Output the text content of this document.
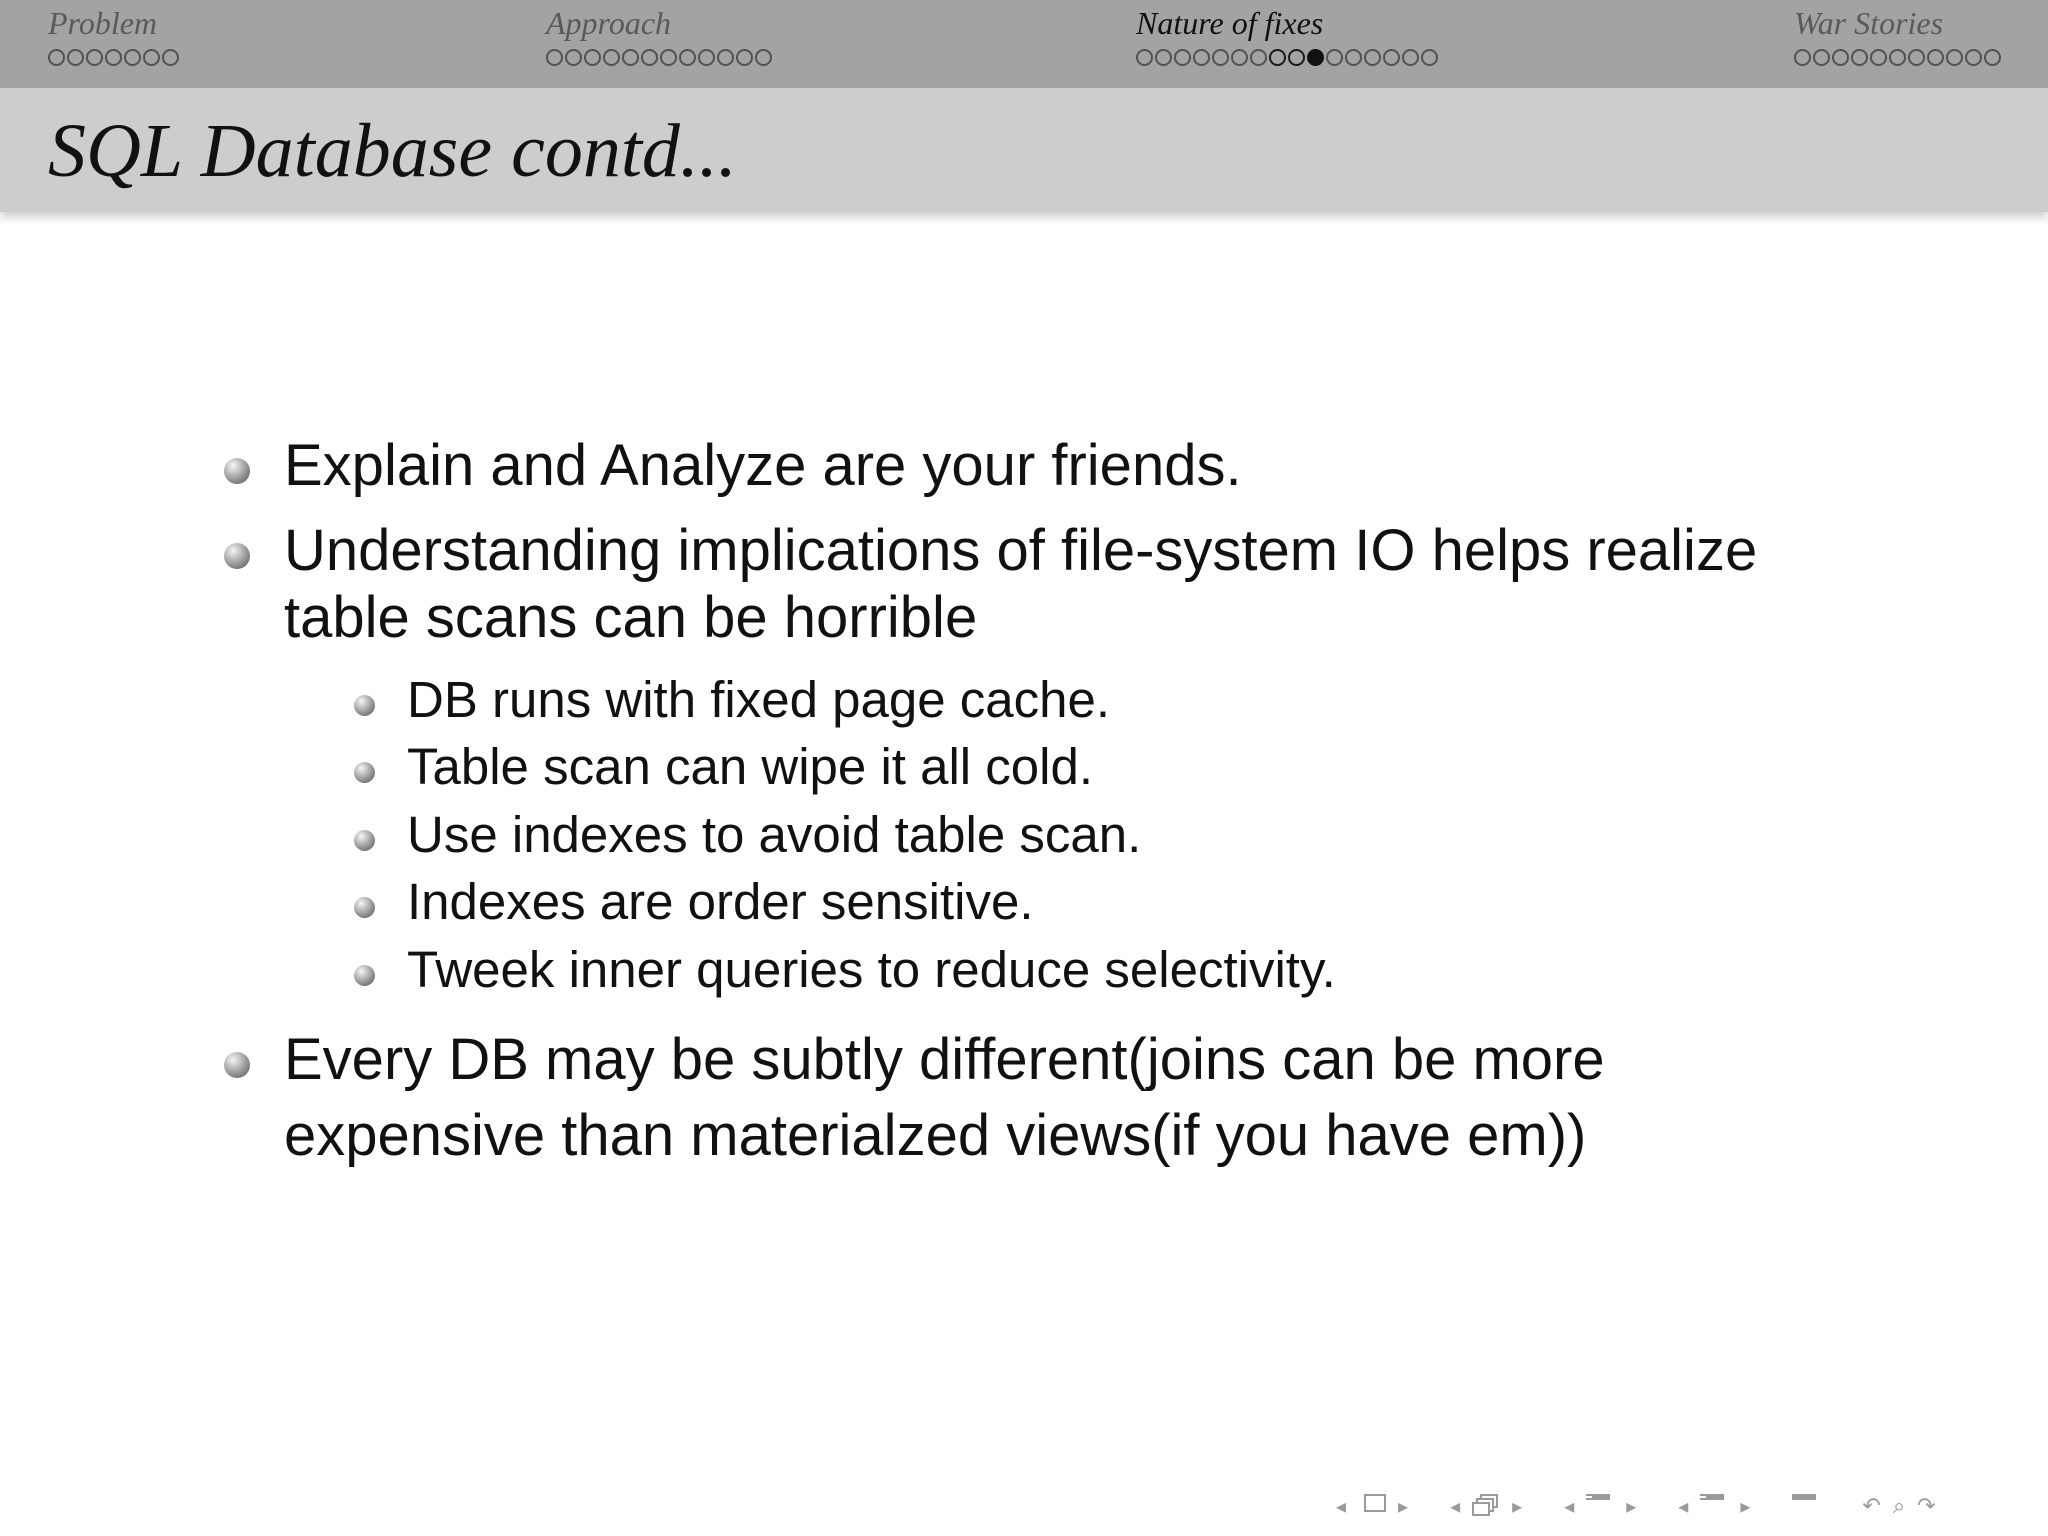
Problem	Approach	Nature of fixes	War Stories
SQL Database contd...
Explain and Analyze are your friends.
Understanding implications of file-system IO helps realize
table scans can be horrible
DB runs with fixed page cache.
Table scan can wipe it all cold.
Use indexes to avoid table scan.
Indexes are order sensitive.
Tweek inner queries to reduce selectivity.
Every DB may be subtly different(joins can be more
expensive than materialzed views(if you have em))
◂	▸ ◂	▸ ◂	▸ ◂	▸	↶ ⌕ ↷
